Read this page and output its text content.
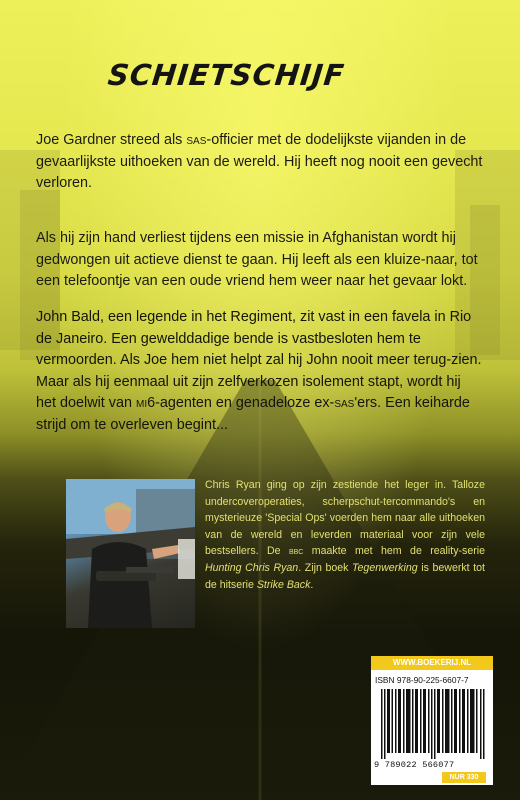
SCHIETSCHIJF

Joe Gardner streed als sas-officier met de dodelijkste vijanden in de gevaarlijkste uithoeken van de wereld. Hij heeft nog nooit een gevecht verloren.

Als hij zijn hand verliest tijdens een missie in Afghanistan wordt hij gedwongen uit actieve dienst te gaan. Hij leeft als een kluize-naar, tot een telefoontje van een oude vriend hem weer naar het gevaar lokt.

John Bald, een legende in het Regiment, zit vast in een favela in Rio de Janeiro. Een gewelddadige bende is vastbesloten hem te vermoorden. Als Joe hem niet helpt zal hij John nooit meer terug-zien. Maar als hij eenmaal uit zijn zelfverkozen isolement stapt, wordt hij het doelwit van mi6-agenten en genadeloze ex-sas'ers. Een keiharde strijd om te overleven begint...

Chris Ryan ging op zijn zestiende het leger in. Talloze undercoveroperaties, scherpschut-tercommando's en mysterieuze 'Special Ops' voerden hem naar alle uithoeken van de wereld en leverden materiaal voor zijn vele bestsellers. De bbc maakte met hem de reality-serie Hunting Chris Ryan. Zijn boek Tegenwerking is bewerkt tot de hitserie Strike Back.

WWW.BOEKERIJ.NL
ISBN 978-90-225-6607-7
9 789022 566077
NUR 330
